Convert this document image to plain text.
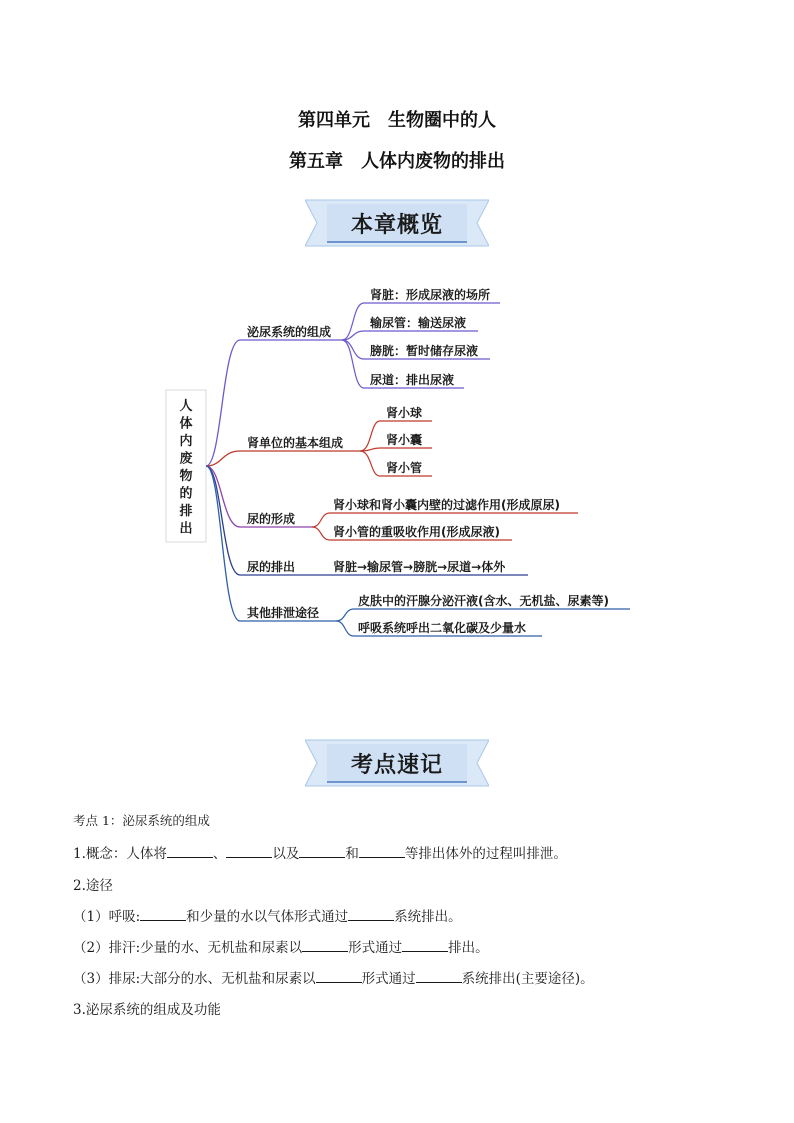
第四单元　生物圈中的人
第五章　人体内废物的排出
本章概览
人
体
内
废
物
的
排
出
泌尿系统的组成
肾单位的基本组成
尿的形成
尿的排出
其他排泄途径
肾脏：形成尿液的场所
输尿管：输送尿液
膀胱：暂时储存尿液
尿道：排出尿液
肾小球
肾小囊
肾小管
肾小球和肾小囊内壁的过滤作用(形成原尿)
肾小管的重吸收作用(形成尿液)
肾脏→输尿管→膀胱→尿道→体外
皮肤中的汗腺分泌汗液(含水、无机盐、尿素等)
呼吸系统呼出二氧化碳及少量水
考点速记
考点 1：泌尿系统的组成
1.概念：人体将	、	以及	和	等排出体外的过程叫排泄。
2.途径
（1）呼吸:	和少量的水以气体形式通过	系统排出。
（2）排汗:少量的水、无机盐和尿素以	形式通过	排出。
（3）排尿:大部分的水、无机盐和尿素以	形式通过	系统排出(主要途径)。
3.泌尿系统的组成及功能
